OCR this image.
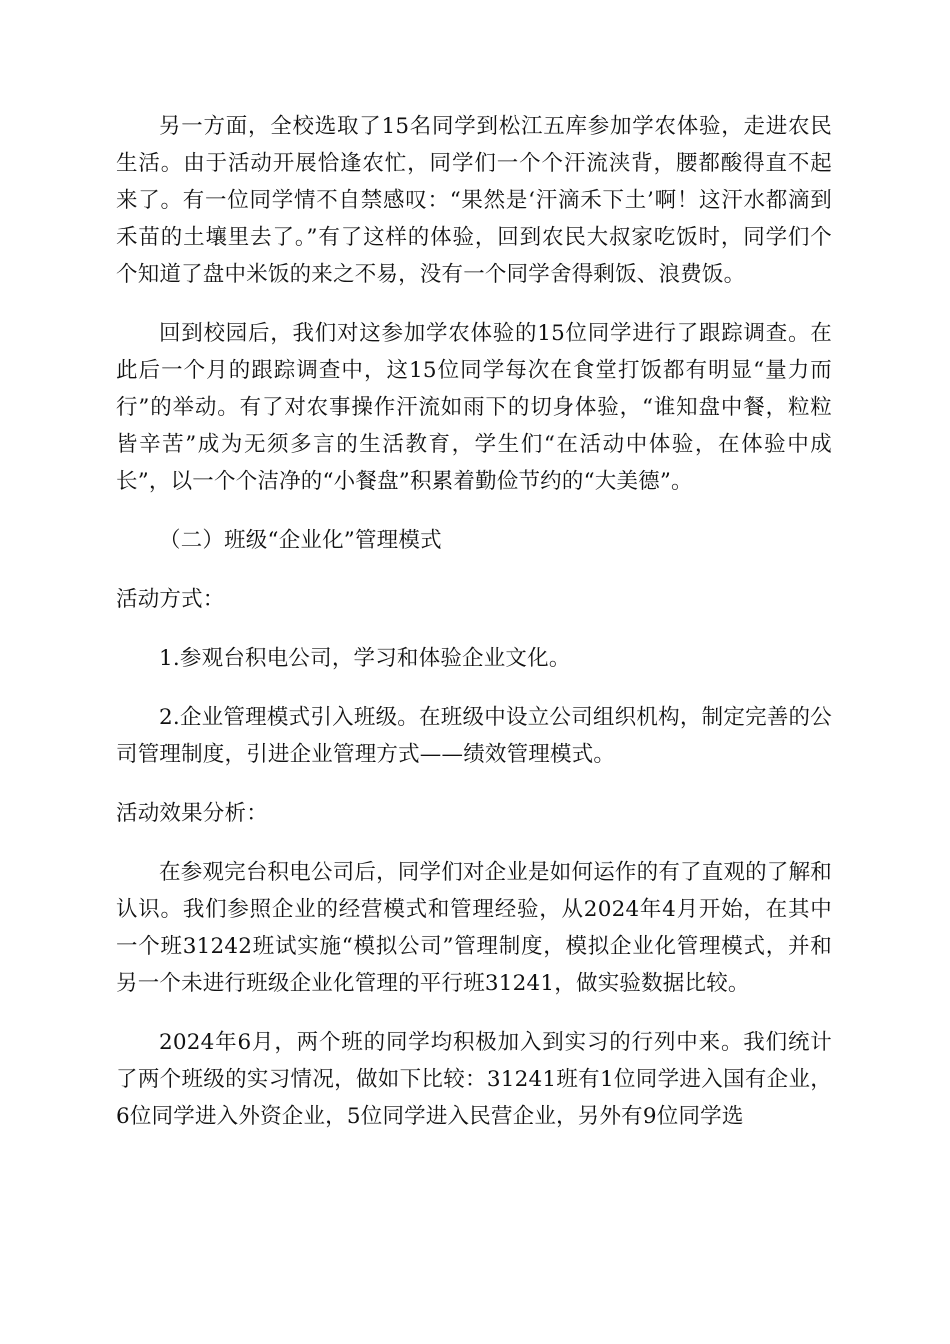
另一方面，全校选取了15名同学到松江五库参加学农体验，走进农民生活。由于活动开展恰逢农忙，同学们一个个汗流浃背，腰都酸得直不起来了。有一位同学情不自禁感叹：“果然是‘汗滴禾下土’啊！这汗水都滴到禾苗的土壤里去了。”有了这样的体验，回到农民大叔家吃饭时，同学们个个知道了盘中米饭的来之不易，没有一个同学舍得剩饭、浪费饭。

回到校园后，我们对这参加学农体验的15位同学进行了跟踪调查。在此后一个月的跟踪调查中，这15位同学每次在食堂打饭都有明显“量力而行”的举动。有了对农事操作汗流如雨下的切身体验，“谁知盘中餐，粒粒皆辛苦”成为无须多言的生活教育，学生们“在活动中体验，在体验中成长”，以一个个洁净的“小餐盘”积累着勤俭节约的“大美德”。

（二）班级“企业化”管理模式

活动方式：

1.参观台积电公司，学习和体验企业文化。

2.企业管理模式引入班级。在班级中设立公司组织机构，制定完善的公司管理制度，引进企业管理方式——绩效管理模式。

活动效果分析：

在参观完台积电公司后，同学们对企业是如何运作的有了直观的了解和认识。我们参照企业的经营模式和管理经验，从2024年4月开始，在其中一个班31242班试实施“模拟公司”管理制度，模拟企业化管理模式，并和另一个未进行班级企业化管理的平行班31241，做实验数据比较。

2024年6月，两个班的同学均积极加入到实习的行列中来。我们统计了两个班级的实习情况，做如下比较：31241班有1位同学进入国有企业，6位同学进入外资企业，5位同学进入民营企业，另外有9位同学选
